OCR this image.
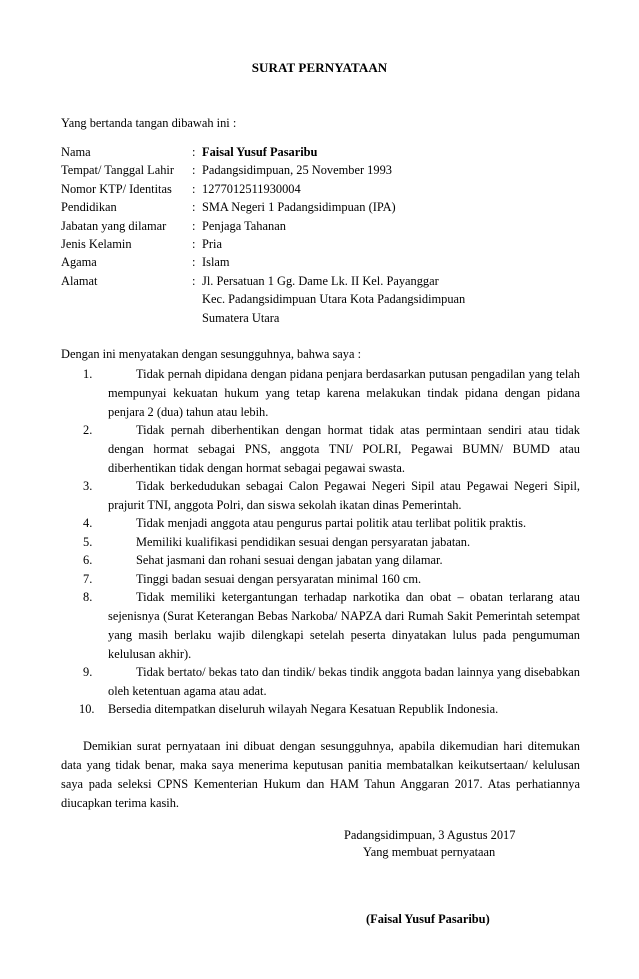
SURAT PERNYATAAN
Yang bertanda tangan dibawah ini :
Nama	: Faisal Yusuf Pasaribu
Tempat/ Tanggal Lahir : Padangsidimpuan, 25 November 1993
Nomor KTP/ Identitas : 1277012511930004
Pendidikan	: SMA Negeri 1 Padangsidimpuan (IPA)
Jabatan yang dilamar : Penjaga Tahanan
Jenis Kelamin	: Pria
Agama	: Islam
Alamat	: Jl. Persatuan 1 Gg. Dame Lk. II Kel. Payanggar
Kec. Padangsidimpuan Utara Kota Padangsidimpuan
Sumatera Utara
Dengan ini menyatakan dengan sesungguhnya, bahwa saya :
1.	Tidak pernah dipidana dengan pidana penjara berdasarkan putusan pengadilan yang telah mempunyai kekuatan hukum yang tetap karena melakukan tindak pidana dengan pidana penjara 2 (dua) tahun atau lebih.
2.	Tidak pernah diberhentikan dengan hormat tidak atas permintaan sendiri atau tidak dengan hormat sebagai PNS, anggota TNI/ POLRI, Pegawai BUMN/ BUMD atau diberhentikan tidak dengan hormat sebagai pegawai swasta.
3.	Tidak berkedudukan sebagai Calon Pegawai Negeri Sipil atau Pegawai Negeri Sipil, prajurit TNI, anggota Polri, dan siswa sekolah ikatan dinas Pemerintah.
4.	Tidak menjadi anggota atau pengurus partai politik atau terlibat politik praktis.
5.	Memiliki kualifikasi pendidikan sesuai dengan persyaratan jabatan.
6.	Sehat jasmani dan rohani sesuai dengan jabatan yang dilamar.
7.	Tinggi badan sesuai dengan persyaratan minimal 160 cm.
8.	Tidak memiliki ketergantungan terhadap narkotika dan obat – obatan terlarang atau sejenisnya (Surat Keterangan Bebas Narkoba/ NAPZA dari Rumah Sakit Pemerintah setempat yang masih berlaku wajib dilengkapi setelah peserta dinyatakan lulus pada pengumuman kelulusan akhir).
9.	Tidak bertato/ bekas tato dan tindik/ bekas tindik anggota badan lainnya yang disebabkan oleh ketentuan agama atau adat.
10.	Bersedia ditempatkan diseluruh wilayah Negara Kesatuan Republik Indonesia.
Demikian surat pernyataan ini dibuat dengan sesungguhnya, apabila dikemudian hari ditemukan data yang tidak benar, maka saya menerima keputusan panitia membatalkan keikutsertaan/ kelulusan saya pada seleksi CPNS Kementerian Hukum dan HAM Tahun Anggaran 2017. Atas perhatiannya diucapkan terima kasih.
Padangsidimpuan, 3 Agustus 2017
Yang membuat pernyataan
(Faisal Yusuf Pasaribu)
